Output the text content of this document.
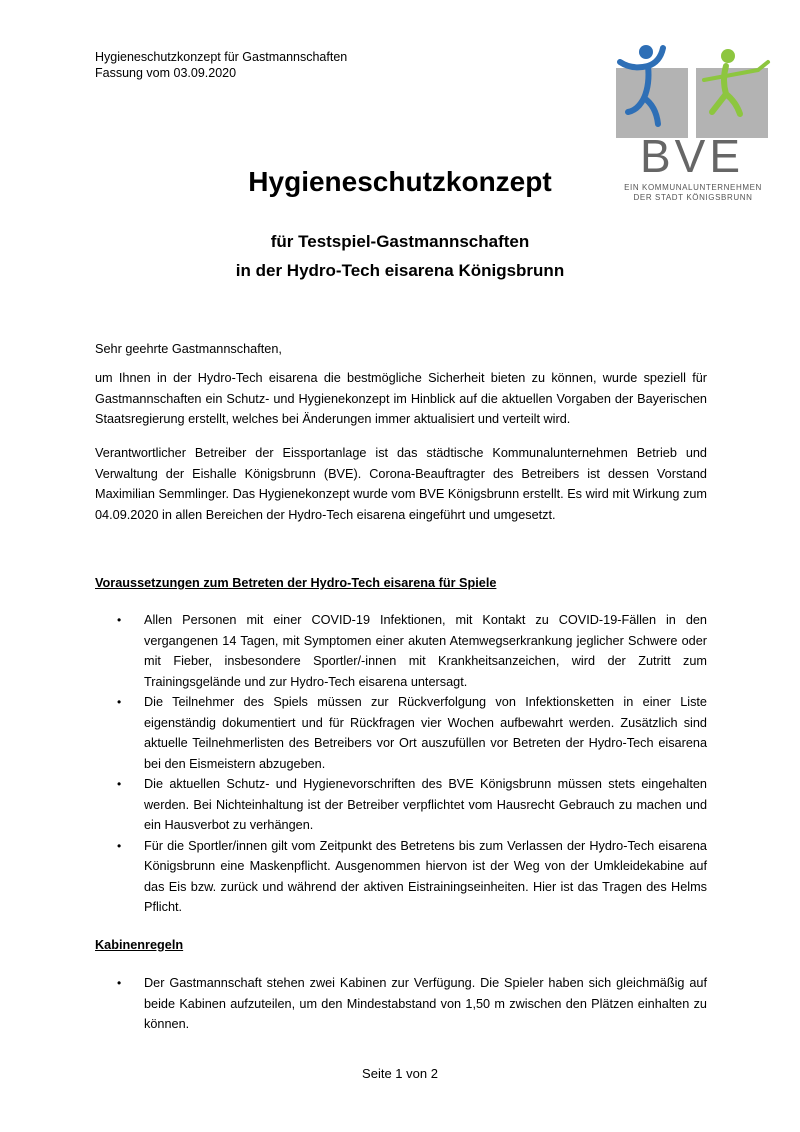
Hygieneschutzkonzept für Gastmannschaften
Fassung vom 03.09.2020
BVE
EIN KOMMUNALUNTERNEHMEN
DER STADT KÖNIGSBRUNN
Hygieneschutzkonzept
für Testspiel-Gastmannschaften
in der Hydro-Tech eisarena Königsbrunn
Sehr geehrte Gastmannschaften,
um Ihnen in der Hydro-Tech eisarena die bestmögliche Sicherheit bieten zu können, wurde speziell für Gastmannschaften ein Schutz- und Hygienekonzept im Hinblick auf die aktuellen Vorgaben der Bayerischen Staatsregierung erstellt, welches bei Änderungen immer aktualisiert und verteilt wird.
Verantwortlicher Betreiber der Eissportanlage ist das städtische Kommunalunternehmen Betrieb und Verwaltung der Eishalle Königsbrunn (BVE). Corona-Beauftragter des Betreibers ist dessen Vorstand Maximilian Semmlinger. Das Hygienekonzept wurde vom BVE Königsbrunn erstellt. Es wird mit Wirkung zum 04.09.2020 in allen Bereichen der Hydro-Tech eisarena eingeführt und umgesetzt.
Voraussetzungen zum Betreten der Hydro-Tech eisarena für Spiele
• Allen Personen mit einer COVID-19 Infektionen, mit Kontakt zu COVID-19-Fällen in den vergangenen 14 Tagen, mit Symptomen einer akuten Atemwegserkrankung jeglicher Schwere oder mit Fieber, insbesondere Sportler/-innen mit Krankheitsanzeichen, wird der Zutritt zum Trainingsgelände und zur Hydro-Tech eisarena untersagt.
• Die Teilnehmer des Spiels müssen zur Rückverfolgung von Infektionsketten in einer Liste eigenständig dokumentiert und für Rückfragen vier Wochen aufbewahrt werden. Zusätzlich sind aktuelle Teilnehmerlisten des Betreibers vor Ort auszufüllen vor Betreten der Hydro-Tech eisarena bei den Eismeistern abzugeben.
• Die aktuellen Schutz- und Hygienevorschriften des BVE Königsbrunn müssen stets eingehalten werden. Bei Nichteinhaltung ist der Betreiber verpflichtet vom Hausrecht Gebrauch zu machen und ein Hausverbot zu verhängen.
• Für die Sportler/innen gilt vom Zeitpunkt des Betretens bis zum Verlassen der Hydro-Tech eisarena Königsbrunn eine Maskenpflicht. Ausgenommen hiervon ist der Weg von der Umkleidekabine auf das Eis bzw. zurück und während der aktiven Eistrainingseinheiten. Hier ist das Tragen des Helms Pflicht.
Kabinenregeln
• Der Gastmannschaft stehen zwei Kabinen zur Verfügung. Die Spieler haben sich gleichmäßig auf beide Kabinen aufzuteilen, um den Mindestabstand von 1,50 m zwischen den Plätzen einhalten zu können.
Seite 1 von 2
